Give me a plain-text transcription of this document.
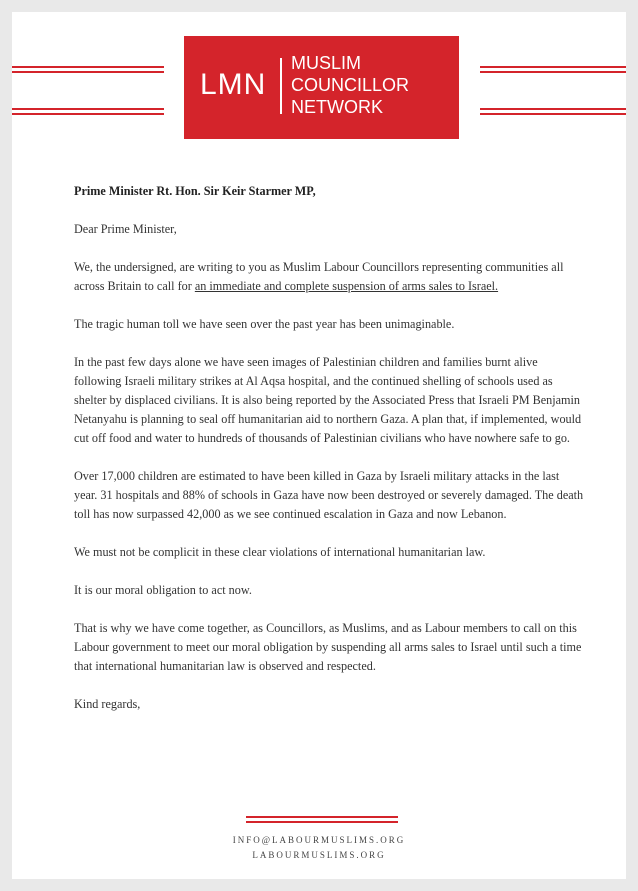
LMN
MUSLIM
COUNCILLOR
NETWORK

Prime Minister Rt. Hon. Sir Keir Starmer MP,

Dear Prime Minister,

We, the undersigned, are writing to you as Muslim Labour Councillors representing communities all across Britain to call for an immediate and complete suspension of arms sales to Israel.

The tragic human toll we have seen over the past year has been unimaginable.

In the past few days alone we have seen images of Palestinian children and families burnt alive following Israeli military strikes at Al Aqsa hospital, and the continued shelling of schools used as shelter by displaced civilians. It is also being reported by the Associated Press that Israeli PM Benjamin Netanyahu is planning to seal off humanitarian aid to northern Gaza. A plan that, if implemented, would cut off food and water to hundreds of thousands of Palestinian civilians who have nowhere safe to go.

Over 17,000 children are estimated to have been killed in Gaza by Israeli military attacks in the last year. 31 hospitals and 88% of schools in Gaza have now been destroyed or severely damaged. The death toll has now surpassed 42,000 as we see continued escalation in Gaza and now Lebanon.

We must not be complicit in these clear violations of international humanitarian law.

It is our moral obligation to act now.

That is why we have come together, as Councillors, as Muslims, and as Labour members to call on this Labour government to meet our moral obligation by suspending all arms sales to Israel until such a time that international humanitarian law is observed and respected.

Kind regards,

INFO@LABOURMUSLIMS.ORG
LABOURMUSLIMS.ORG
